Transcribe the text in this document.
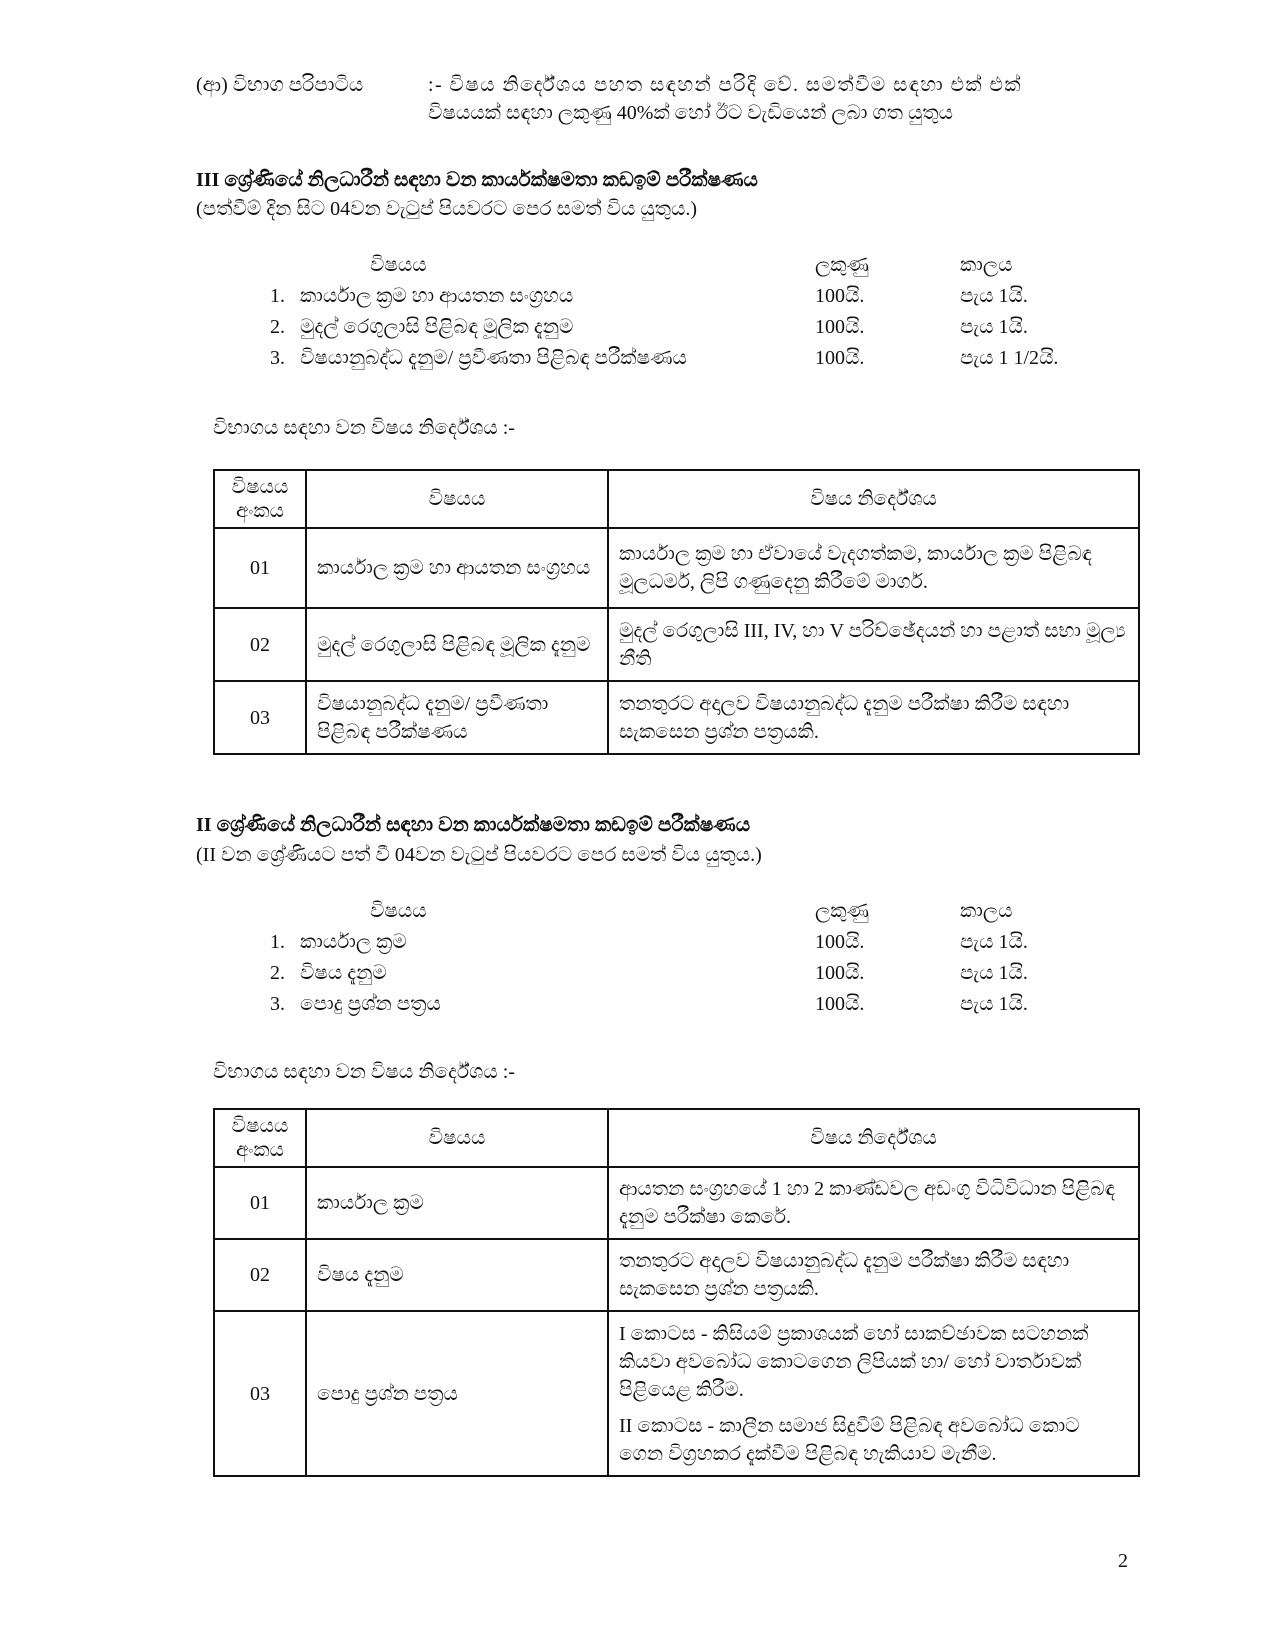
(ආ) විභාග පරිපාටිය	:- විෂය නිර්දේශය පහත සඳහන් පරිදි වේ. සමත්වීම සඳහා එක් එක්
විෂයයක් සඳහා ලකුණු 40%ක් හෝ ඊට වැඩියෙන් ලබා ගත යුතුය
III ශ්‍රේණියේ නිලධාරීන් සඳහා වන කාර්යක්ෂමතා කඩඉම් පරීක්ෂණය
(පත්වීම් දින සිට 04වන වැටුප් පියවරට පෙර සමත් විය යුතුය.)
විෂයය	ලකුණු	කාලය
1. කාර්යාල ක්‍රම හා ආයතන සංග්‍රහය	100යි.	පැය 1යි.
2. මුදල් රෙගුලාසි පිළිබඳ මූලික දැනුම	100යි.	පැය 1යි.
3. විෂයානුබද්ධ දැනුම/ ප්‍රවීණතා පිළිබඳ පරීක්ෂණය	100යි.	පැය 1 1/2යි.
විභාගය සඳහා වන විෂය නිර්දේශය :-
විෂයය
අංකය	විෂයය	විෂය නිර්දේශය
01	කාර්යාල ක්‍රම හා ආයතන සංග්‍රහය	කාර්යාල ක්‍රම හා ඒවායේ වැදගත්කම, කාර්යාල ක්‍රම පිළිබඳ මූලධර්ම, ලිපි ගණුදෙනු කිරීමේ මාර්ග.
02	මුදල් රෙගුලාසි පිළිබඳ මූලික දැනුම	මුදල් රෙගුලාසි III, IV, හා V පරිච්ඡේදයන් හා පළාත් සභා මූල්‍ය නීති
03	විෂයානුබද්ධ දැනුම/ ප්‍රවීණතා පිළිබඳ පරීක්ෂණය	තනතුරට අදාලව විෂයානුබද්ධ දැනුම පරීක්ෂා කිරීම සඳහා සැකසෙන ප්‍රශ්න පත්‍රයකි.
II ශ්‍රේණියේ නිලධාරීන් සඳහා වන කාර්යක්ෂමතා කඩඉම් පරීක්ෂණය
(II වන ශ්‍රේණියට පත් වී 04වන වැටුප් පියවරට පෙර සමත් විය යුතුය.)
විෂයය	ලකුණු	කාලය
1. කාර්යාල ක්‍රම	100යි.	පැය 1යි.
2. විෂය දැනුම	100යි.	පැය 1යි.
3. පොදු ප්‍රශ්න පත්‍රය	100යි.	පැය 1යි.
විභාගය සඳහා වන විෂය නිර්දේශය :-
විෂයය
අංකය	විෂයය	විෂය නිර්දේශය
01	කාර්යාල ක්‍රම	ආයතන සංග්‍රහයේ 1 හා 2 කාණ්ඩවල අඩංගු විධිවිධාන පිළිබඳ දැනුම පරීක්ෂා කෙරේ.
02	විෂය දැනුම	තනතුරට අදාලව විෂයානුබද්ධ දැනුම පරීක්ෂා කිරීම සඳහා සැකසෙන ප්‍රශ්න පත්‍රයකි.
03	පොදු ප්‍රශ්න පත්‍රය	I කොටස - කිසියම් ප්‍රකාශයක් හෝ සාකච්ඡාවක සටහනක් කියවා අවබෝධ කොටගෙන ලිපියක් හා/ හෝ වාර්තාවක් පිළියෙළ කිරීම.
II කොටස - කාලීන සමාජ සිදුවීම් පිළිබඳ අවබෝධ කොට ගෙන විග්‍රහකර දැක්වීම පිළිබඳ හැකියාව මැනීම.
2
